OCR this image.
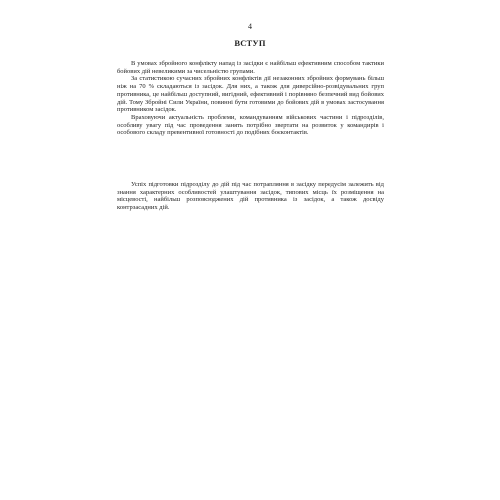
4
ВСТУП

В умовах збройного конфлікту напад із засідки є найбільш ефективним способом тактики бойових дій невеликими за чисельністю групами.

За статистикою сучасних збройних конфліктів дії незаконних збройних формувань більш ніж на 70 % складаються із засідок. Для них, а також для диверсійно-розвідувальних груп противника, це найбільш доступний, вигідний, ефективний і порівняно безпечний вид бойових дій. Тому Збройні Сили України, повинні бути готовими до бойових дій в умовах застосування противником засідок.

Враховуючи актуальність проблеми, командуванням військових частини і підрозділів, особливу увагу під час проведення занять потрібно звертати на розвиток у командирів і особового складу превентивної готовності до подібних боєконтактів.

Успіх підготовки підрозділу до дій під час потрапляння в засідку передусім залежить від знання характерних особливостей улаштування засідок, типових місць їх розміщення на місцевості, найбільш розповсюджених дій противника із засідок, а також досвіду контрзасадних дій.
